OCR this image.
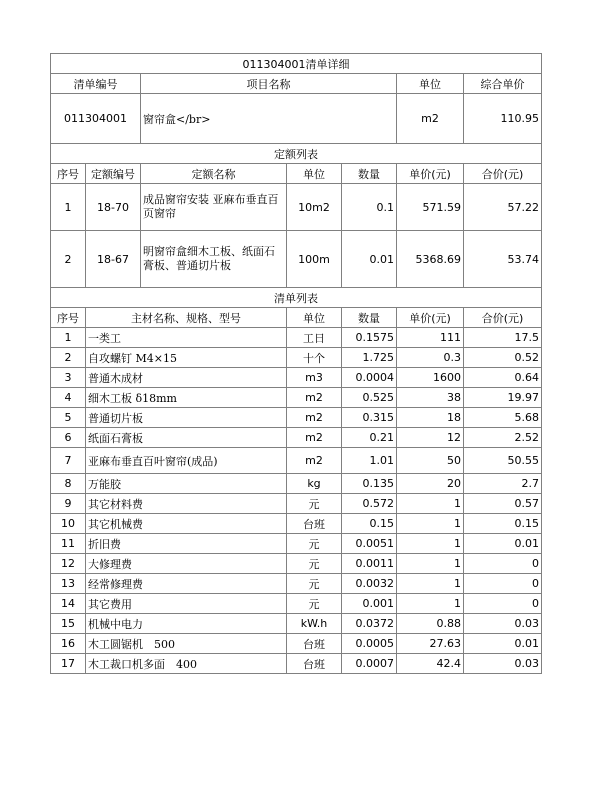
011304001清单详细						
清单编号		项目名称			单位	综合单价
011304001		窗帘盒</br>			m2	110.95
定额列表						
序号	定额编号	定额名称	单位	数量	单价(元)	合价(元)
1	18-70	成品窗帘安装 亚麻布垂直百页窗帘	10m2	0.1	571.59	57.22
2	18-67	明窗帘盒细木工板、纸面石膏板、普通切片板	100m	0.01	5368.69	53.74
清单列表						
序号	主材名称、规格、型号		单位	数量	单价(元)	合价(元)
1	一类工		工日	0.1575	111	17.5
2	自攻螺钉 M4×15		十个	1.725	0.3	0.52
3	普通木成材		m3	0.0004	1600	0.64
4	细木工板 δ18mm		m2	0.525	38	19.97
5	普通切片板		m2	0.315	18	5.68
6	纸面石膏板		m2	0.21	12	2.52
7	亚麻布垂直百叶窗帘(成品)		m2	1.01	50	50.55
8	万能胶		kg	0.135	20	2.7
9	其它材料费		元	0.572	1	0.57
10	其它机械费		台班	0.15	1	0.15
11	折旧费		元	0.0051	1	0.01
12	大修理费		元	0.0011	1	0
13	经常修理费		元	0.0032	1	0
14	其它费用		元	0.001	1	0
15	机械中电力		kW.h	0.0372	0.88	0.03
16	木工圆锯机　500		台班	0.0005	27.63	0.01
17	木工裁口机多面　400		台班	0.0007	42.4	0.03
